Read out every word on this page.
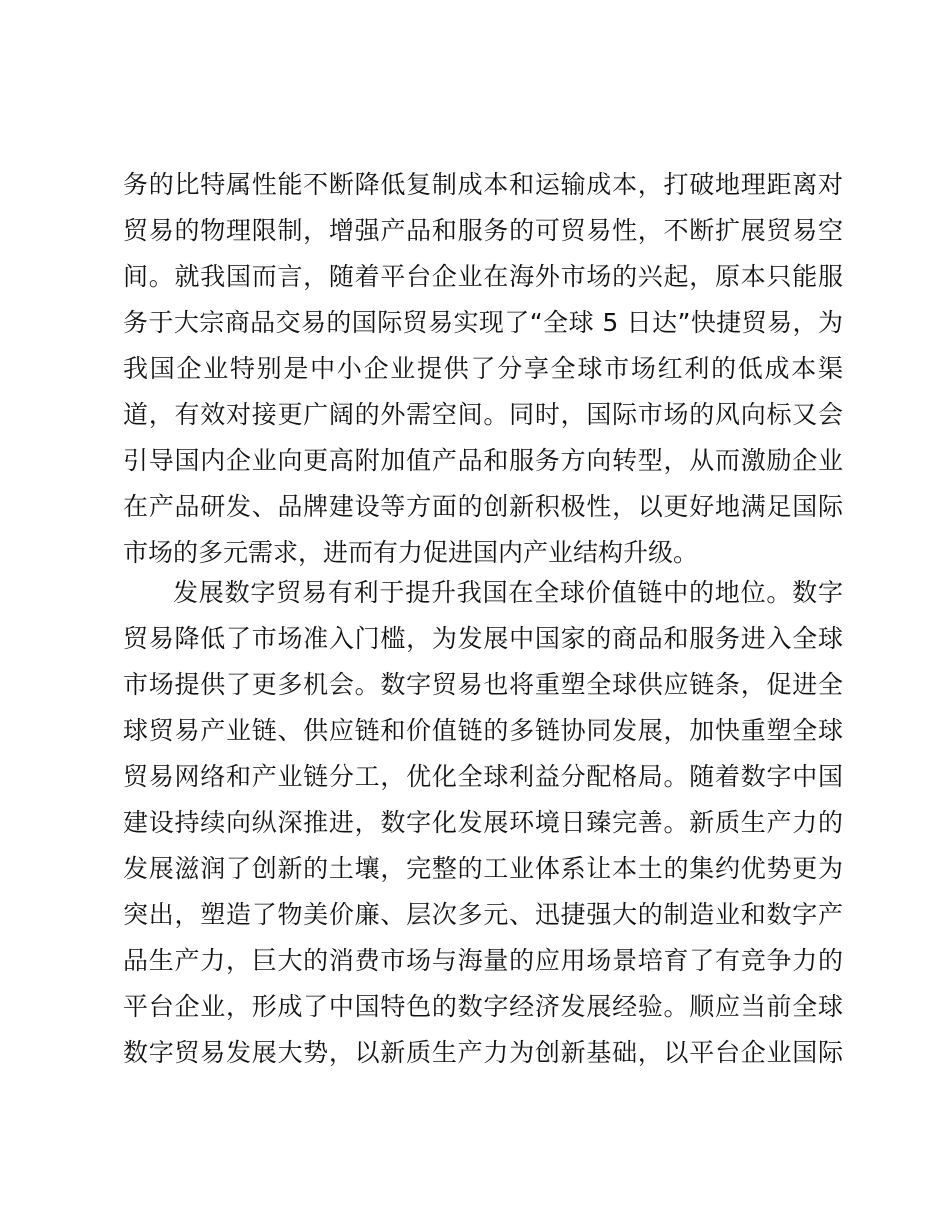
务的比特属性能不断降低复制成本和运输成本，打破地理距离对
贸易的物理限制，增强产品和服务的可贸易性，不断扩展贸易空
间。就我国而言，随着平台企业在海外市场的兴起，原本只能服
务于大宗商品交易的国际贸易实现了“全球 5 日达”快捷贸易，为
我国企业特别是中小企业提供了分享全球市场红利的低成本渠
道，有效对接更广阔的外需空间。同时，国际市场的风向标又会
引导国内企业向更高附加值产品和服务方向转型，从而激励企业
在产品研发、品牌建设等方面的创新积极性，以更好地满足国际
市场的多元需求，进而有力促进国内产业结构升级。
发展数字贸易有利于提升我国在全球价值链中的地位。数字
贸易降低了市场准入门槛，为发展中国家的商品和服务进入全球
市场提供了更多机会。数字贸易也将重塑全球供应链条，促进全
球贸易产业链、供应链和价值链的多链协同发展，加快重塑全球
贸易网络和产业链分工，优化全球利益分配格局。随着数字中国
建设持续向纵深推进，数字化发展环境日臻完善。新质生产力的
发展滋润了创新的土壤，完整的工业体系让本土的集约优势更为
突出，塑造了物美价廉、层次多元、迅捷强大的制造业和数字产
品生产力，巨大的消费市场与海量的应用场景培育了有竞争力的
平台企业，形成了中国特色的数字经济发展经验。顺应当前全球
数字贸易发展大势，以新质生产力为创新基础，以平台企业国际
